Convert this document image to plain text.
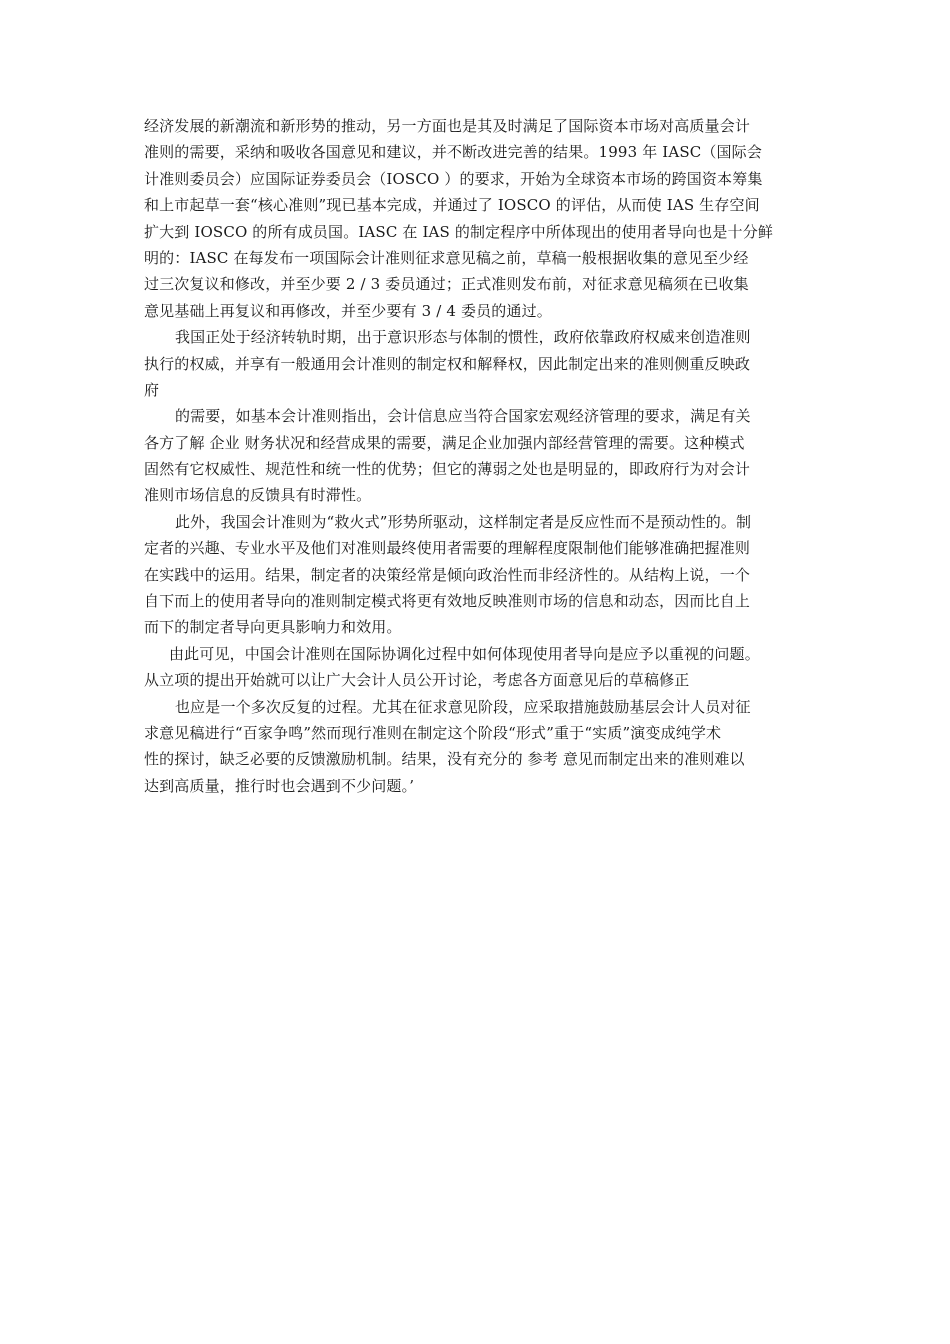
经济发展的新潮流和新形势的推动，另一方面也是其及时满足了国际资本市场对高质量会计
准则的需要，采纳和吸收各国意见和建议，并不断改进完善的结果。1993 年 IASC（国际会
计准则委员会）应国际证券委员会（IOSCO ）的要求，开始为全球资本市场的跨国资本筹集
和上市起草一套“核心准则”现已基本完成，并通过了 IOSCO 的评估，从而使 IAS 生存空间
扩大到 IOSCO 的所有成员国。IASC 在 IAS 的制定程序中所体现出的使用者导向也是十分鲜
明的：IASC 在每发布一项国际会计准则征求意见稿之前，草稿一般根据收集的意见至少经
过三次复议和修改，并至少要 2 / 3 委员通过；正式准则发布前，对征求意见稿须在已收集
意见基础上再复议和再修改，并至少要有 3 / 4 委员的通过。
我国正处于经济转轨时期，出于意识形态与体制的惯性，政府依靠政府权威来创造准则
执行的权威，并享有一般通用会计准则的制定权和解释权，因此制定出来的准则侧重反映政
府
的需要，如基本会计准则指出，会计信息应当符合国家宏观经济管理的要求，满足有关
各方了解 企业 财务状况和经营成果的需要，满足企业加强内部经营管理的需要。这种模式
固然有它权威性、规范性和统一性的优势；但它的薄弱之处也是明显的，即政府行为对会计
准则市场信息的反馈具有时滞性。
此外，我国会计准则为“救火式”形势所驱动，这样制定者是反应性而不是预动性的。制
定者的兴趣、专业水平及他们对准则最终使用者需要的理解程度限制他们能够准确把握准则
在实践中的运用。结果，制定者的决策经常是倾向政治性而非经济性的。从结构上说，一个
自下而上的使用者导向的准则制定模式将更有效地反映准则市场的信息和动态，因而比自上
而下的制定者导向更具影响力和效用。
由此可见，中国会计准则在国际协调化过程中如何体现使用者导向是应予以重视的问题。
从立项的提出开始就可以让广大会计人员公开讨论，考虑各方面意见后的草稿修正
也应是一个多次反复的过程。尤其在征求意见阶段，应采取措施鼓励基层会计人员对征
求意见稿进行“百家争鸣”然而现行准则在制定这个阶段“形式”重于“实质”演变成纯学术
性的探讨，缺乏必要的反馈激励机制。结果，没有充分的 参考 意见而制定出来的准则难以
达到高质量，推行时也会遇到不少问题。’
